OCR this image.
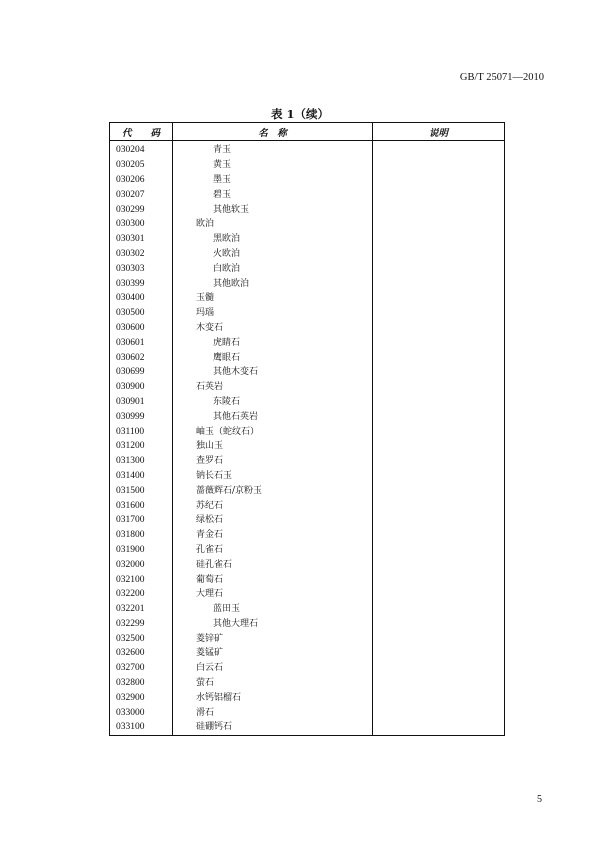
GB/T 25071—2010
表 1（续）
代　　码	名　称	说明
030204	青玉	
030205	黄玉	
030206	墨玉	
030207	碧玉	
030299	其他软玉	
030300	欧泊	
030301	黑欧泊	
030302	火欧泊	
030303	白欧泊	
030399	其他欧泊	
030400	玉髓	
030500	玛瑙	
030600	木变石	
030601	虎睛石	
030602	鹰眼石	
030699	其他木变石	
030900	石英岩	
030901	东陵石	
030999	其他石英岩	
031100	岫玉（蛇纹石）	
031200	独山玉	
031300	查罗石	
031400	钠长石玉	
031500	蔷薇辉石/京粉玉	
031600	苏纪石	
031700	绿松石	
031800	青金石	
031900	孔雀石	
032000	硅孔雀石	
032100	葡萄石	
032200	大理石	
032201	蓝田玉	
032299	其他大理石	
032500	菱锌矿	
032600	菱锰矿	
032700	白云石	
032800	萤石	
032900	水钙铝榴石	
033000	滑石	
033100	硅硼钙石	
5
